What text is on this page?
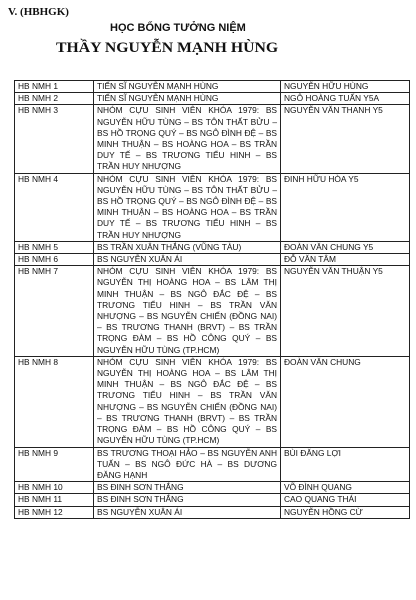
V. (HBHGK)
HỌC BỔNG TƯỞNG NIỆM
THẦY NGUYỄN MẠNH HÙNG
HB NMH 1	TIẾN SĨ NGUYỄN MẠNH HÙNG	NGUYỄN HỮU HÙNG
HB NMH 2	TIẾN SĨ NGUYỄN MẠNH HÙNG	NGÔ HOÀNG TUẤN Y5A
HB NMH 3	NHÓM CỰU SINH VIÊN KHÓA 1979: BS NGUYỄN HỮU TÙNG – BS TÔN THẤT BỬU – BS HỒ TRỌNG QUÝ – BS NGÔ ĐÌNH ĐỆ – BS MINH THUẬN – BS HOÀNG HOA – BS TRẦN DUY TẾ – BS TRƯƠNG TIỂU HINH – BS TRẦN HUY NHƯỢNG	NGUYỄN VĂN THANH Y5
HB NMH 4	NHÓM CỰU SINH VIÊN KHÓA 1979: BS NGUYỄN HỮU TÙNG – BS TÔN THẤT BỬU – BS HỒ TRỌNG QUÝ – BS NGÔ ĐÌNH ĐỆ – BS MINH THUẬN – BS HOÀNG HOA – BS TRẦN DUY TẾ – BS TRƯƠNG TIỂU HINH – BS TRẦN HUY NHƯỢNG	ĐINH HỮU HÒA Y5
HB NMH 5	BS TRẦN XUÂN THẮNG (VŨNG TÀU)	ĐOÀN VĂN CHUNG Y5
HB NMH 6	BS NGUYỄN XUÂN ÁI	ĐỖ VĂN TÂM
HB NMH 7	NHÓM CỰU SINH VIÊN KHÓA 1979: BS NGUYỄN THỊ HOÀNG HOA – BS LÂM THỊ MINH THUẬN – BS NGÔ ĐẮC ĐỆ – BS TRƯƠNG TIỂU HINH – BS TRẦN VĂN NHƯỢNG – BS NGUYỄN CHIẾN (ĐỒNG NAI) – BS TRƯƠNG THANH (BRVT) – BS TRẦN TRỌNG ĐÀM – BS HỒ CÔNG QUÝ – BS NGUYỄN HỮU TÙNG (TP.HCM)	NGUYỄN VĂN THUẬN Y5
HB NMH 8	NHÓM CỰU SINH VIÊN KHÓA 1979: BS NGUYỄN THỊ HOÀNG HOA – BS LÂM THỊ MINH THUẬN – BS NGÔ ĐẮC ĐỆ – BS TRƯƠNG TIỂU HINH – BS TRẦN VĂN NHƯỢNG – BS NGUYỄN CHIẾN (ĐỒNG NAI) – BS TRƯƠNG THANH (BRVT) – BS TRẦN TRỌNG ĐÀM – BS HỒ CÔNG QUÝ – BS NGUYỄN HỮU TÙNG (TP.HCM)	ĐOÀN VĂN CHUNG
HB NMH 9	BS TRƯƠNG THOẠI HẢO – BS NGUYỄN ANH TUẤN – BS NGÔ ĐỨC HÀ – BS DƯƠNG ĐĂNG HẠNH	BÙI ĐĂNG LỢI
HB NMH 10	BS ĐINH SƠN THẮNG	VÕ ĐÌNH QUANG
HB NMH 11	BS ĐINH SƠN THẮNG	CAO QUANG THÁI
HB NMH 12	BS NGUYỄN XUÂN ÁI	NGUYỄN HỒNG CỪ
